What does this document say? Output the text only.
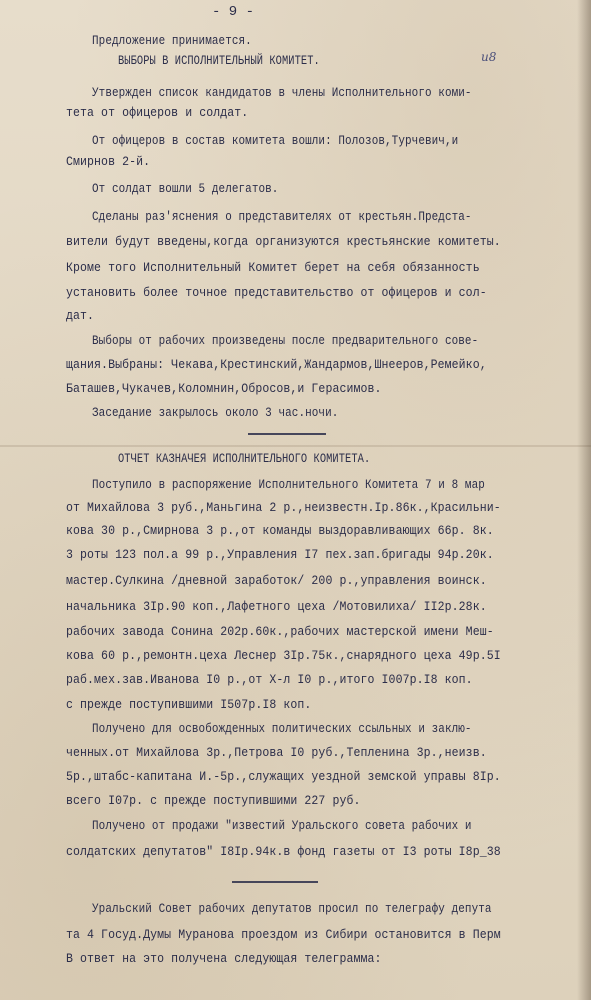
- 9 -
u8
Предложение принимается.
ВЫБОРЫ В ИСПОЛНИТЕЛЬНЫЙ КОМИТЕТ.
Утвержден список кандидатов в члены Исполнительного коми-
тета от офицеров и солдат.
От офицеров в состав комитета вошли: Полозов,Турчевич,и
Смирнов 2-й.
От солдат вошли 5 делегатов.
Сделаны раз'яснения о представителях от крестьян.Предста-
вители будут введены,когда организуются крестьянские комитеты.
Кроме того Исполнительный Комитет берет на себя обязанность
установить более точное представительство от офицеров и сол-
дат.
Выборы от рабочих произведены после предварительного сове-
щания.Выбраны: Чекава,Крестинский,Жандармов,Шнееров,Ремейко,
Баташев,Чукачев,Коломнин,Обросов,и Герасимов.
Заседание закрылось около 3 час.ночи.
ОТЧЕТ КАЗНАЧЕЯ ИСПОЛНИТЕЛЬНОГО КОМИТЕТА.
Поступило в распоряжение Исполнительного Комитета 7 и 8 мар
от Михайлова 3 руб.,Маньгина 2 р.,неизвестн.Iр.86к.,Красильни-
кова 30 р.,Смирнова 3 р.,от команды выздоравливающих 66р. 8к.
3 роты 123 пол.а 99 р.,Управления I7 пех.зап.бригады 94р.20к.
мастер.Сулкина /дневной заработок/ 200 р.,управления воинск.
начальника 3Iр.90 коп.,Лафетного цеха /Мотовилиха/ II2р.28к.
рабочих завода Сонина 202р.60к.,рабочих мастерской имени Меш-
кова 60 р.,ремонтн.цеха Леснер 3Iр.75к.,снарядного цеха 49р.5I
раб.мех.зав.Иванова I0 р.,от Х-л I0 р.,итого I007р.I8 коп.
с прежде поступившими I507р.I8 коп.
Получено для освобожденных политических ссыльных и заклю-
ченных.от Михайлова 3р.,Петрова I0 руб.,Тепленина 3р.,неизв.
5р.,штабс-капитана И.-5р.,служащих уездной земской управы 8Iр.
всего I07р. с прежде поступившими 227 руб.
Получено от продажи "известий Уральского совета рабочих и
солдатских депутатов" I8Iр.94к.в фонд газеты от I3 роты I8р_38
Уральский Совет рабочих депутатов просил по телеграфу депута
та 4 Госуд.Думы Муранова проездом из Сибири остановится в Перм
В ответ на это получена следующая телеграмма:
